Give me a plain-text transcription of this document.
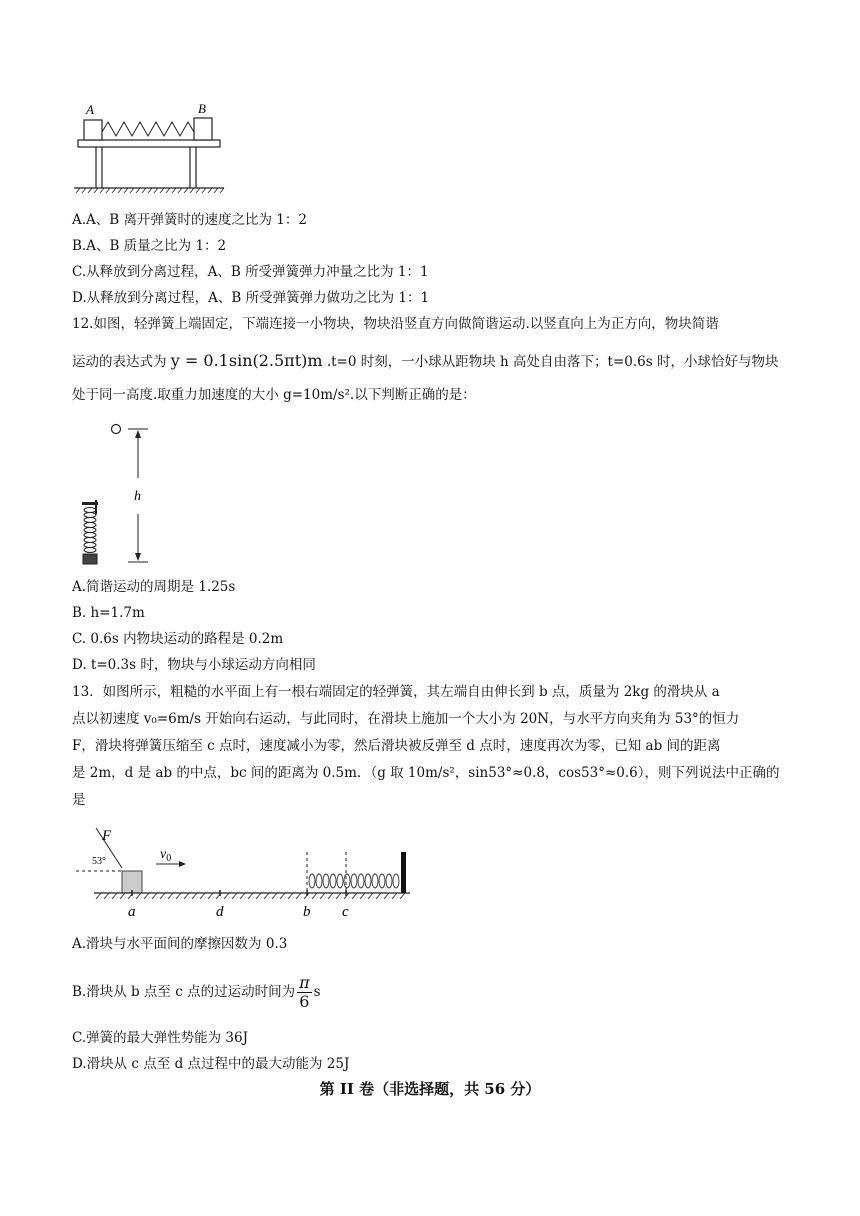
A	B
A.A、B 离开弹簧时的速度之比为 1：2
B.A、B 质量之比为 1：2
C.从释放到分离过程，A、B 所受弹簧弹力冲量之比为 1：1
D.从释放到分离过程，A、B 所受弹簧弹力做功之比为 1：1
12.如图，轻弹簧上端固定，下端连接一小物块，物块沿竖直方向做简谐运动.以竖直向上为正方向，物块简谐
运动的表达式为 y = 0.1sin(2.5πt)m .t=0 时刻，一小球从距物块 h 高处自由落下；t=0.6s 时，小球恰好与物块
处于同一高度.取重力加速度的大小 g=10m/s².以下判断正确的是：
h
A.简谐运动的周期是 1.25s
B. h=1.7m
C. 0.6s 内物块运动的路程是 0.2m
D. t=0.3s 时，物块与小球运动方向相同
13．如图所示，粗糙的水平面上有一根右端固定的轻弹簧，其左端自由伸长到 b 点，质量为 2kg 的滑块从 a
点以初速度 v₀=6m/s 开始向右运动，与此同时，在滑块上施加一个大小为 20N，与水平方向夹角为 53°的恒力
F，滑块将弹簧压缩至 c 点时，速度减小为零，然后滑块被反弹至 d 点时，速度再次为零，已知 ab 间的距离
是 2m，d 是 ab 的中点，bc 间的距离为 0.5m．（g 取 10m/s²，sin53°≈0.8，cos53°≈0.6），则下列说法中正确的
是
F
53°	$v_0$
a	d	b c
A.滑块与水平面间的摩擦因数为 0.3
B.滑块从 b 点至 c 点的过运动时间为 $\frac{\pi}{6}$ s
C.弹簧的最大弹性势能为 36J
D.滑块从 c 点至 d 点过程中的最大动能为 25J
第 II 卷（非选择题，共 56 分）
